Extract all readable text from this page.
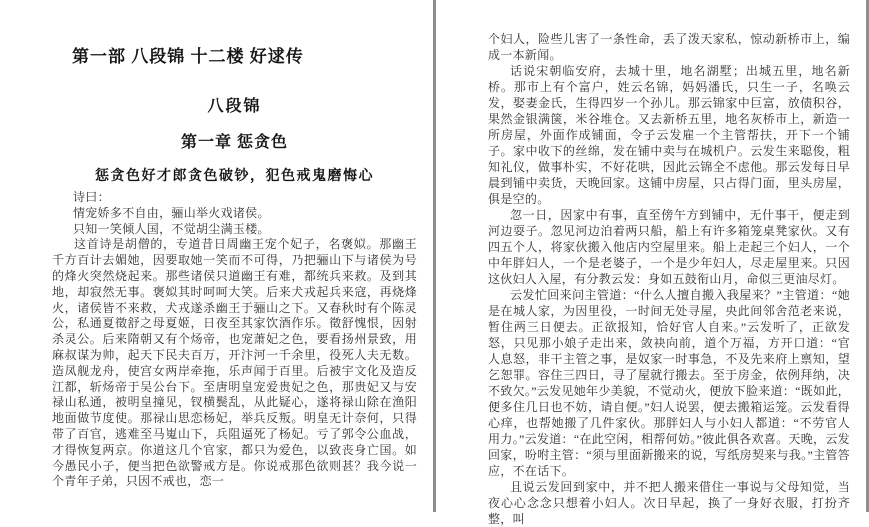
第一部 八段锦 十二楼 好逑传
八段锦
第一章 惩贪色
惩贪色好才郎贪色破钞，犯色戒鬼磨悔心
诗曰：
情宠娇多不自由，骊山举火戏诸侯。
只知一笑倾人国，不觉胡尘满玉楼。

这首诗是胡僧的，专道昔日周幽王宠个妃子，名褒姒。那幽王千方百计去媚她，因要取她一笑而不可得，乃把骊山下与诸侯为号的烽火突然烧起来。那些诸侯只道幽王有难，都统兵来救。及到其地，却寂然无事。褒姒其时呵呵大笑。后来犬戎起兵来寇，再烧烽火，诸侯皆不来救，犬戎遂杀幽王于骊山之下。又春秋时有个陈灵公，私通夏徵舒之母夏姬，日夜至其家饮酒作乐。徵舒愧恨，因射杀灵公。后来隋朝又有个炀帝，也宠萧妃之色，要看扬州景致，用麻叔谋为帅，起天下民夫百万，开汴河一千余里，役死人夫无数。造凤舰龙舟，使宫女两岸牵拖，乐声闻于百里。后被宇文化及造反江都，斩炀帝于吴公台下。至唐明皇宠爱贵妃之色，那贵妃又与安禄山私通，被明皇撞见，钗横鬓乱，从此疑心，遂将禄山除在渔阳地面做节度使。那禄山思恋杨妃，举兵反叛。明皇无计奈何，只得带了百官，逃难至马嵬山下，兵阻逼死了杨妃。亏了郭令公血战，才得恢复两京。你道这几个官家，都只为爱色，以致丧身亡国。如今愚民小子，便当把色欲警戒方是。你说戒那色欲则甚？我今说一个青年子弟，只因不戒也，恋一

个妇人，险些儿害了一条性命，丢了泼天家私，惊动新桥市上，编成一本新闻。

话说宋朝临安府，去城十里，地名湖墅；出城五里，地名新桥。那市上有个富户，姓云名锦，妈妈潘氏，只生一子，名唤云发，娶妻金氏，生得四岁一个孙儿。那云锦家中巨富，放债积谷，果然金银满箧，米谷堆仓。又去新桥五里，地名灰桥市上，新造一所房屋，外面作成铺面，令子云发雇一个主管帮扶，开下一个铺子。家中收下的丝绵，发在铺中卖与在城机户。云发生来聪俊，粗知礼仪，做事朴实，不好花哄，因此云锦全不虑他。那云发每日早晨到铺中卖货，天晚回家。这铺中房屋，只占得门面，里头房屋，俱是空的。

忽一日，因家中有事，直至傍午方到铺中，无什事干，便走到河边耍子。忽见河边泊着两只船，船上有许多箱笼桌凳家伙。又有四五个人，将家伙搬入他店内空屋里来。船上走起三个妇人，一个中年胖妇人，一个是老婆子，一个是少年妇人，尽走屋里来。只因这伙妇人入屋，有分教云发：身如五鼓衔山月，命似三更油尽灯。

云发忙回来问主管道：“什么人擅自搬入我屋来？”主管道：“她是在城人家，为因里役，一时间无处寻屋，央此间邻舍范老来说，暂住两三日便去。正欲报知，恰好官人自来。”云发听了，正欲发怒，只见那小娘子走出来，敛袂向前，道个万福，方开口道：“官人息怒，非干主管之事，是奴家一时事急，不及先来府上禀知，望乞恕罪。容住三四日，寻了屋就行搬去。至于房金，依例拜纳，决不致欠。”云发见她年少美貌，不觉动火，便放下脸来道：“既如此，便多住几日也不妨，请自便。”妇人说罢，便去搬箱运笼。云发看得心痒，也帮她搬了几件家伙。那胖妇人与小妇人都道：“不劳官人用力。”云发道：“在此空闲，相帮何妨。”彼此俱各欢喜。天晚，云发回家，吩咐主管：“须与里面新搬来的说，写纸房契来与我。”主管答应，不在话下。

且说云发回到家中，并不把人搬来借住一事说与父母知觉，当夜心心念念只想着小妇人。次日早起，换了一身好衣服，打扮齐整，叫
